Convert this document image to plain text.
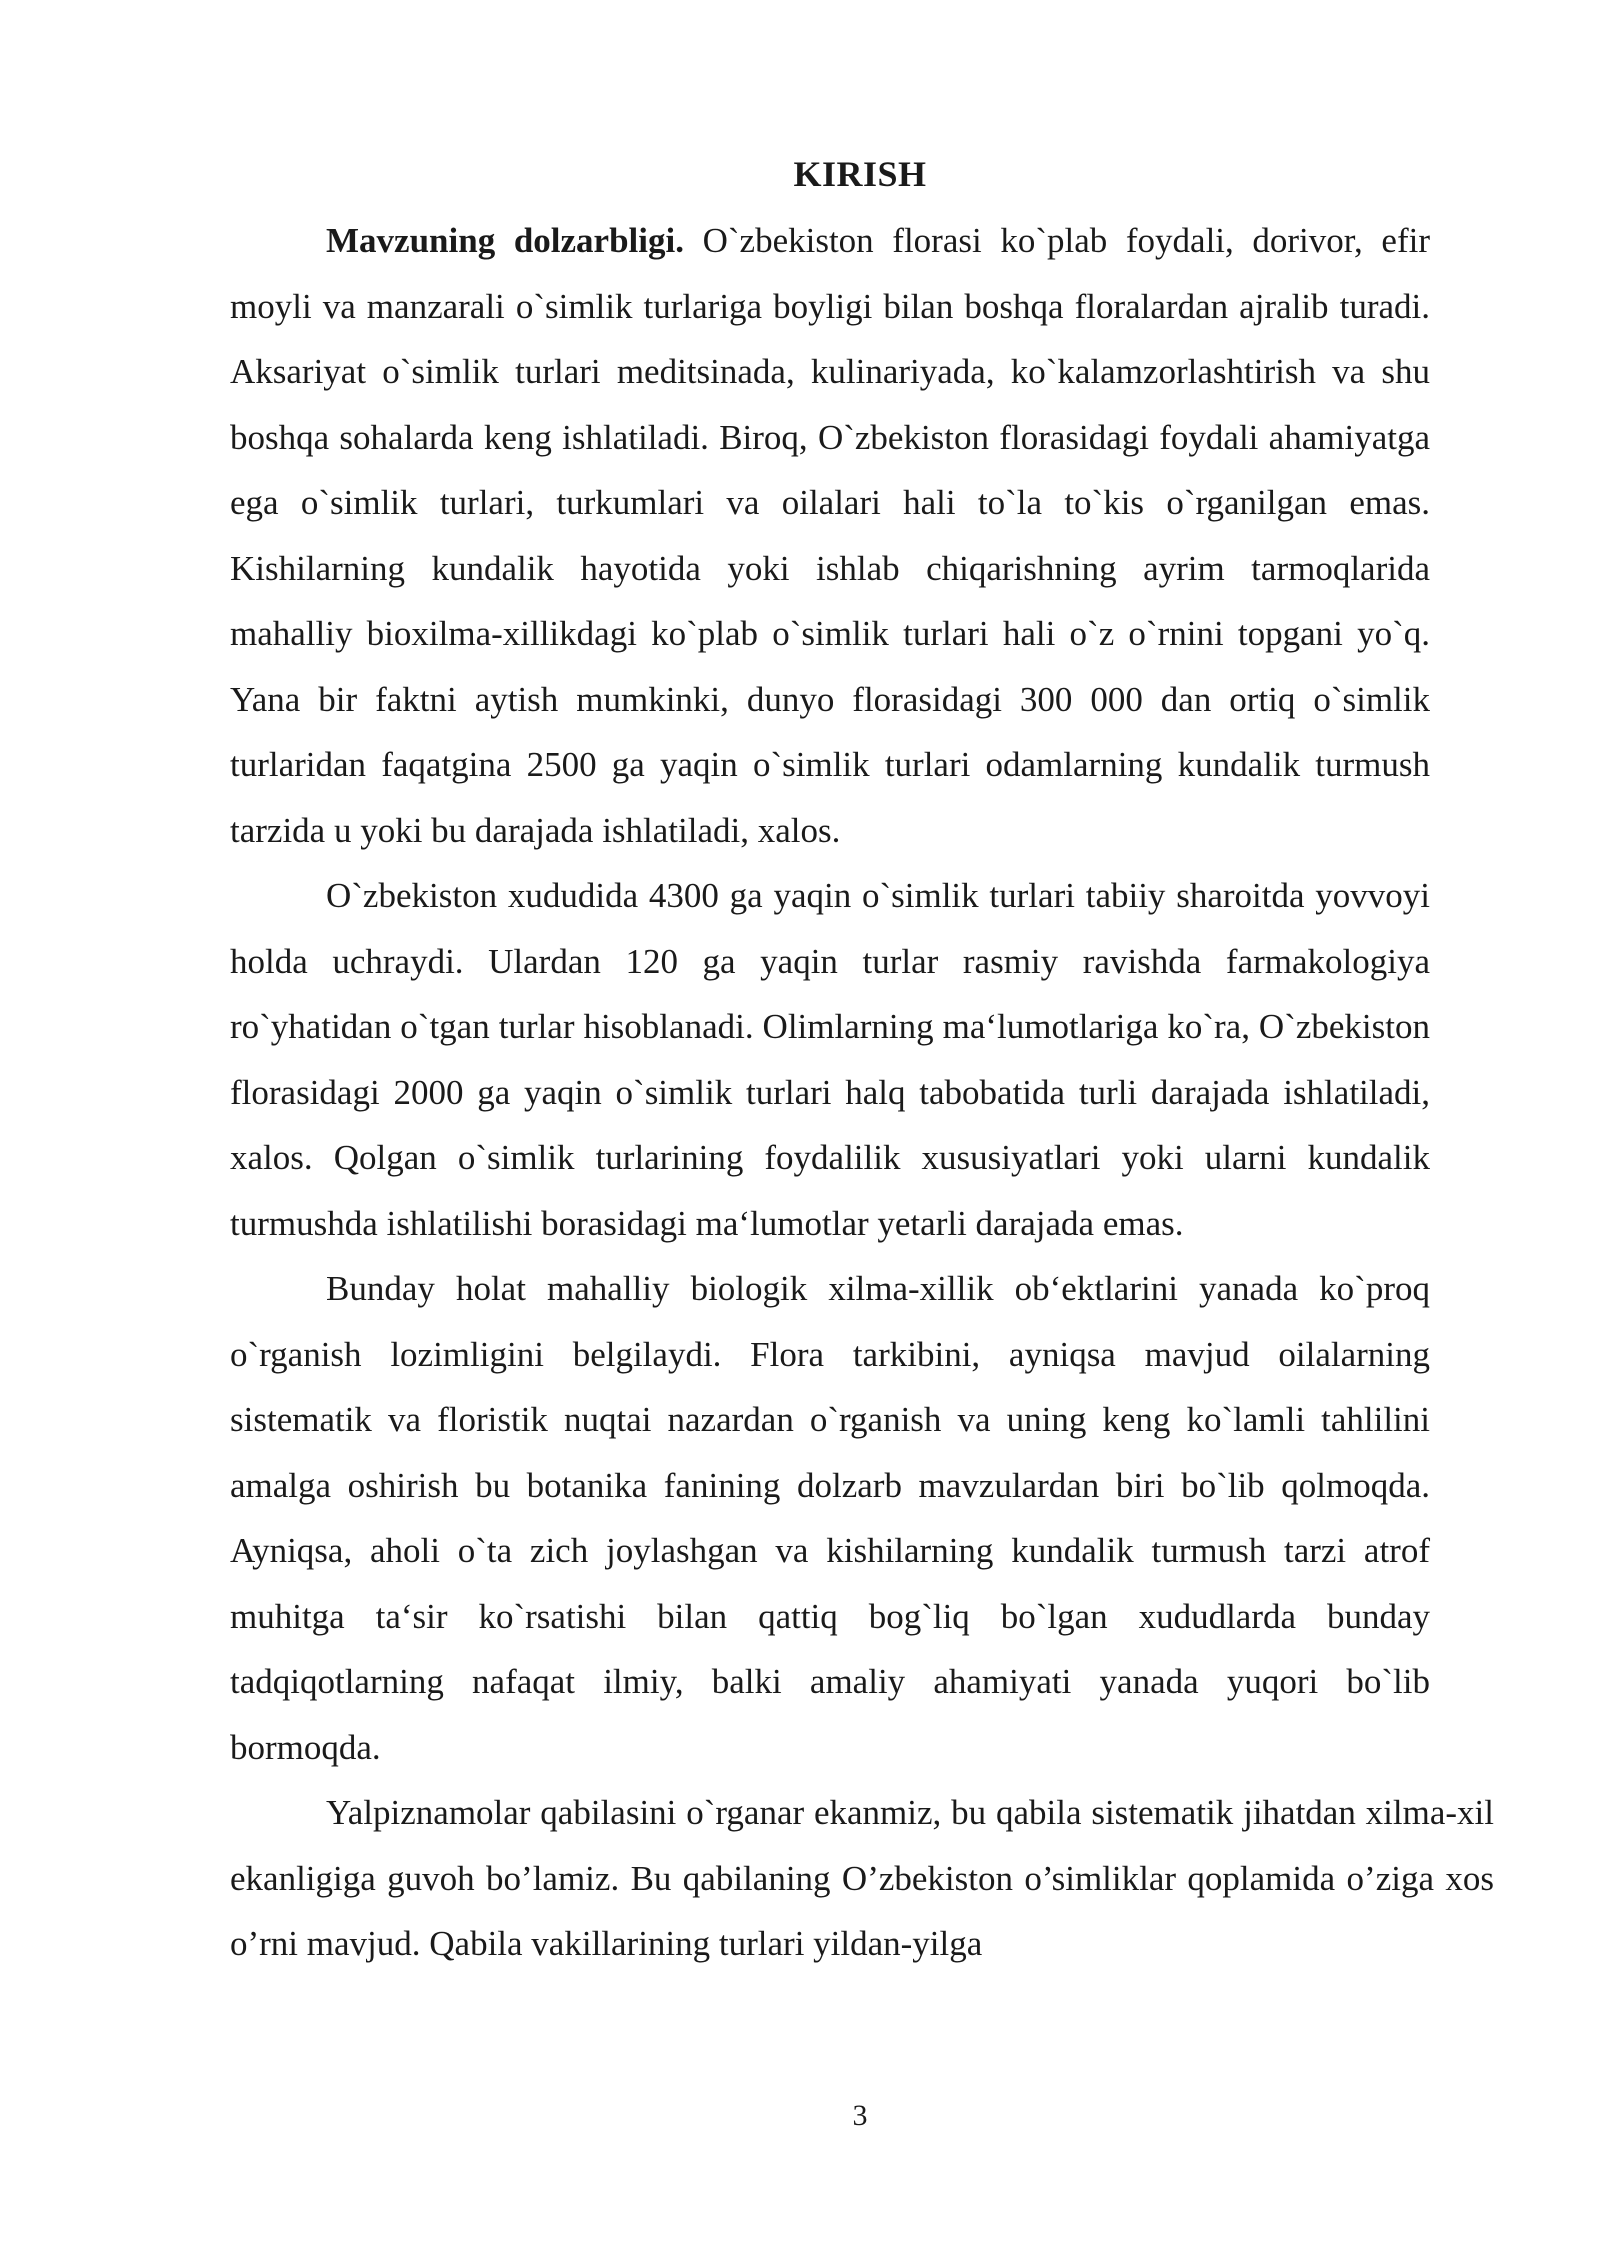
KIRISH

Mavzuning dolzarbligi. O`zbekiston florasi ko`plab foydali, dorivor, efir moyli va manzarali o`simlik turlariga boyligi bilan boshqa floralardan ajralib turadi. Aksariyat o`simlik turlari meditsinada, kulinariyada, ko`kalamzorlashtirish va shu boshqa sohalarda keng ishlatiladi. Biroq, O`zbekiston florasidagi foydali ahamiyatga ega o`simlik turlari, turkumlari va oilalari hali to`la to`kis o`rganilgan emas. Kishilarning kundalik hayotida yoki ishlab chiqarishning ayrim tarmoqlarida mahalliy bioxilma-xillikdagi ko`plab o`simlik turlari hali o`z o`rnini topgani yo`q. Yana bir faktni aytish mumkinki, dunyo florasidagi 300 000 dan ortiq o`simlik turlaridan faqatgina 2500 ga yaqin o`simlik turlari odamlarning kundalik turmush tarzida u yoki bu darajada ishlatiladi, xalos.

O`zbekiston xududida 4300 ga yaqin o`simlik turlari tabiiy sharoitda yovvoyi holda uchraydi. Ulardan 120 ga yaqin turlar rasmiy ravishda farmakologiya ro`yhatidan o`tgan turlar hisoblanadi. Olimlarning ma‘lumotlariga ko`ra, O`zbekiston florasidagi 2000 ga yaqin o`simlik turlari halq tabobatida turli darajada ishlatiladi, xalos. Qolgan o`simlik turlarining foydalilik xususiyatlari yoki ularni kundalik turmushda ishlatilishi borasidagi ma‘lumotlar yetarli darajada emas.

Bunday holat mahalliy biologik xilma-xillik ob‘ektlarini yanada ko`proq o`rganish lozimligini belgilaydi. Flora tarkibini, ayniqsa mavjud oilalarning sistematik va floristik nuqtai nazardan o`rganish va uning keng ko`lamli tahlilini amalga oshirish bu botanika fanining dolzarb mavzulardan biri bo`lib qolmoqda. Ayniqsa, aholi o`ta zich joylashgan va kishilarning kundalik turmush tarzi atrof muhitga ta‘sir ko`rsatishi bilan qattiq bog`liq bo`lgan xududlarda bunday tadqiqotlarning nafaqat ilmiy, balki amaliy ahamiyati yanada yuqori bo`lib bormoqda.

Yalpiznamolar qabilasini o`rganar ekanmiz, bu qabila sistematik jihatdan xilma-xil ekanligiga guvoh bo’lamiz. Bu qabilaning O’zbekiston o’simliklar qoplamida o’ziga xos o’rni mavjud. Qabila vakillarining turlari yildan-yilga

3
